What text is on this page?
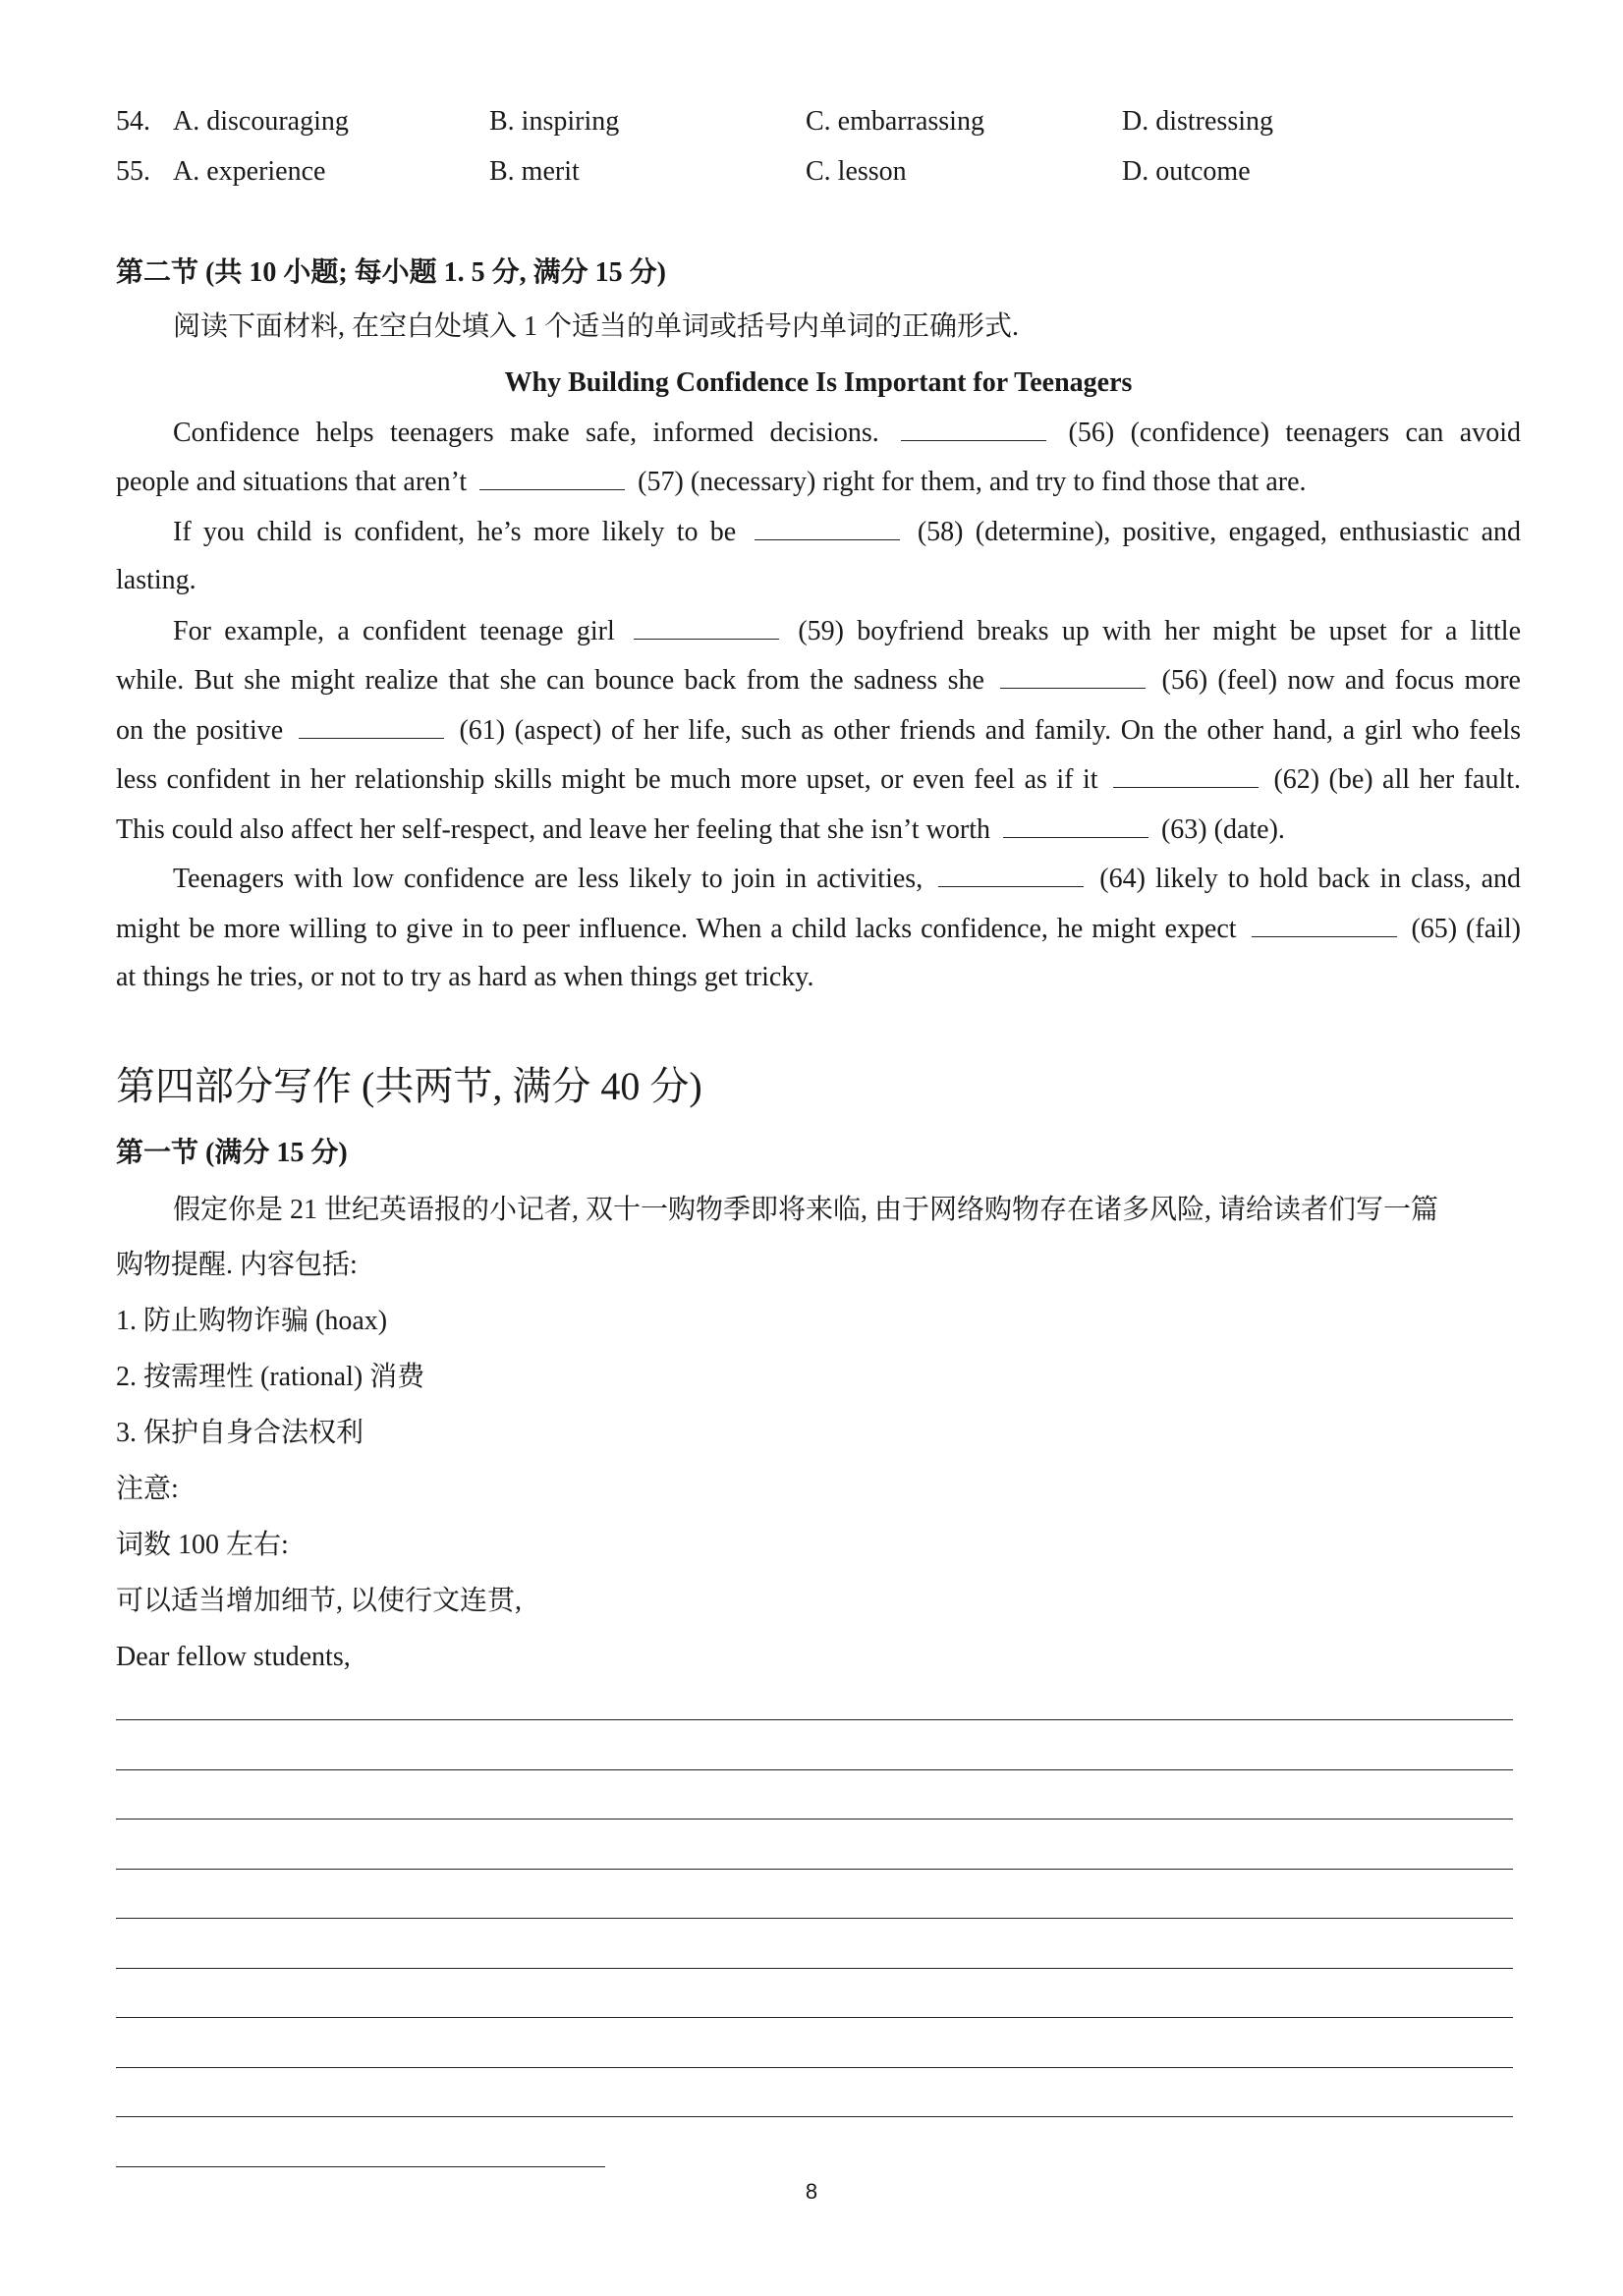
54. A. discouraging	B. inspiring	C. embarrassing	D. distressing
55. A. experience	B. merit	C. lesson	D. outcome
第二节 (共 10 小题; 每小题 1. 5 分, 满分 15 分)
阅读下面材料, 在空白处填入 1 个适当的单词或括号内单词的正确形式.
Why Building Confidence Is Important for Teenagers
Confidence helps teenagers make safe, informed decisions.	(56) (confidence) teenagers can avoid
people and situations that aren’t	(57) (necessary) right for them, and try to find those that are.
If you child is confident, he’s more likely to be	(58) (determine), positive, engaged, enthusiastic and
lasting.
For example, a confident teenage girl	(59) boyfriend breaks up with her might be upset for a little
while. But she might realize that she can bounce back from the sadness she	(56) (feel) now and focus more
on the positive	(61) (aspect) of her life, such as other friends and family. On the other hand, a girl who feels
less confident in her relationship skills might be much more upset, or even feel as if it	(62) (be) all her fault.
This could also affect her self-respect, and leave her feeling that she isn’t worth	(63) (date).
Teenagers with low confidence are less likely to join in activities,	(64) likely to hold back in class, and
might be more willing to give in to peer influence. When a child lacks confidence, he might expect	(65) (fail)
at things he tries, or not to try as hard as when things get tricky.
第四部分写作 (共两节, 满分 40 分)
第一节 (满分 15 分)
假定你是 21 世纪英语报的小记者, 双十一购物季即将来临, 由于网络购物存在诸多风险, 请给读者们写一篇
购物提醒. 内容包括:
1. 防止购物诈骗 (hoax)
2. 按需理性 (rational) 消费
3. 保护自身合法权利
注意:
词数 100 左右:
可以适当增加细节, 以使行文连贯,
Dear fellow students,
8
